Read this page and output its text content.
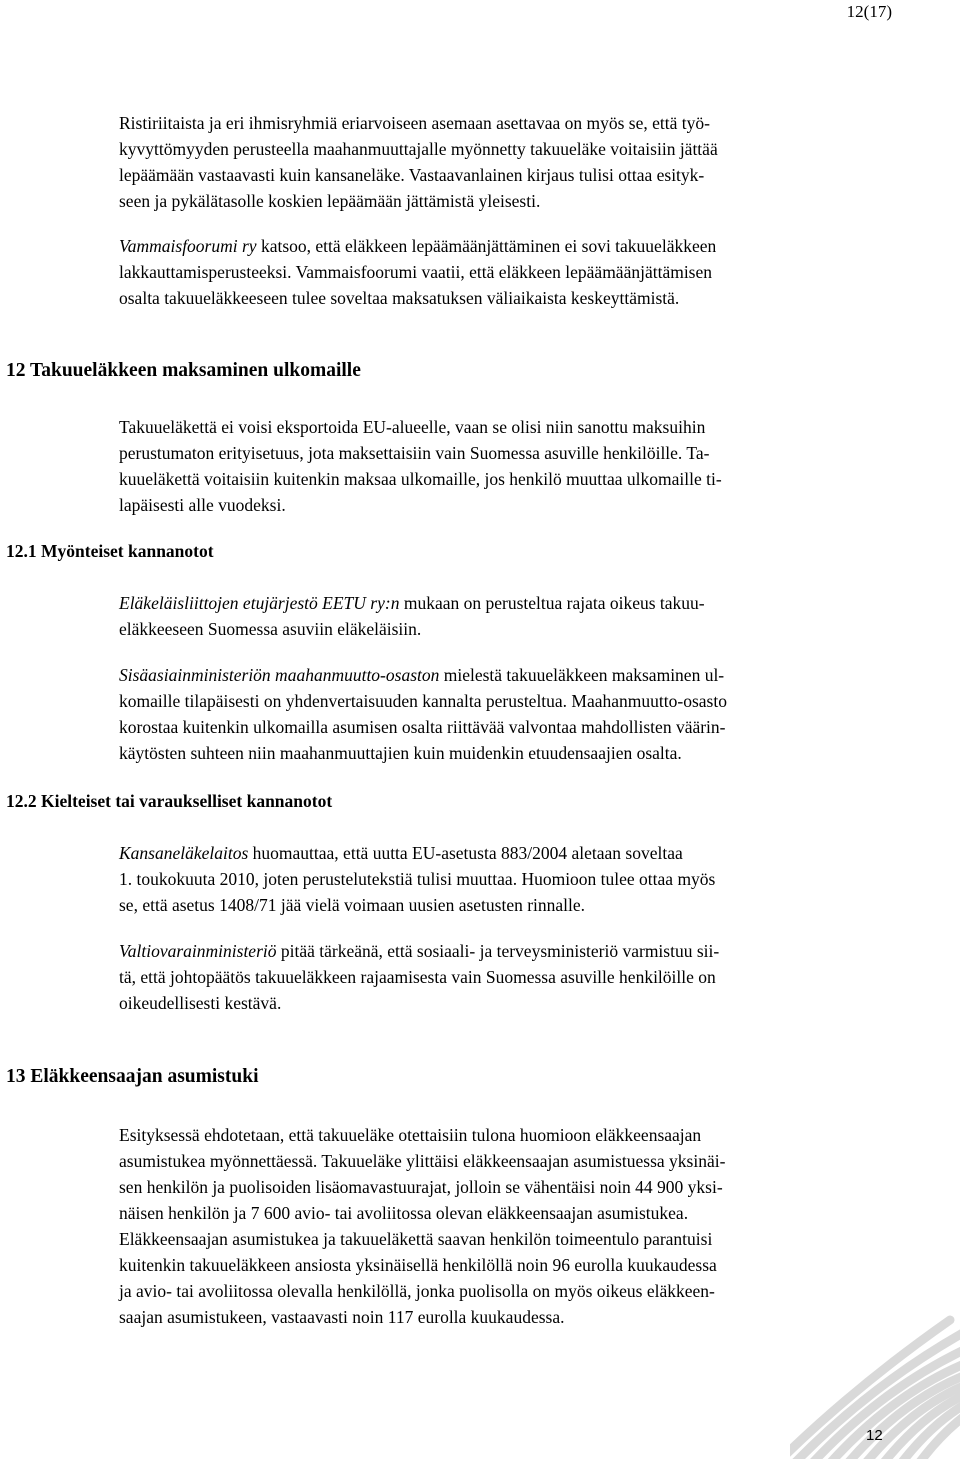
12(17)

Ristiriitaista ja eri ihmisryhmiä eriarvoiseen asemaan asettavaa on myös se, että työ-
kyvyttömyyden perusteella maahanmuuttajalle myönnetty takuueläke voitaisiin jättää
lepäämään vastaavasti kuin kansaneläke. Vastaavanlainen kirjaus tulisi ottaa esityk-
seen ja pykälätasolle koskien lepäämään jättämistä yleisesti.

Vammaisfoorumi ry katsoo, että eläkkeen lepäämäänjättäminen ei sovi takuueläkkeen
lakkauttamisperusteeksi. Vammaisfoorumi vaatii, että eläkkeen lepäämäänjättämisen
osalta takuueläkkeeseen tulee soveltaa maksatuksen väliaikaista keskeyttämistä.

12 Takuueläkkeen maksaminen ulkomaille

Takuueläkettä ei voisi eksportoida EU-alueelle, vaan se olisi niin sanottu maksuihin
perustumaton erityisetuus, jota maksettaisiin vain Suomessa asuville henkilöille. Ta-
kuueläkettä voitaisiin kuitenkin maksaa ulkomaille, jos henkilö muuttaa ulkomaille ti-
lapäisesti alle vuodeksi.

12.1 Myönteiset kannanotot

Eläkeläisliittojen etujärjestö EETU ry:n mukaan on perusteltua rajata oikeus takuu-
eläkkeeseen Suomessa asuviin eläkeläisiin.

Sisäasiainministeriön maahanmuutto-osaston mielestä takuueläkkeen maksaminen ul-
komaille tilapäisesti on yhdenvertaisuuden kannalta perusteltua. Maahanmuutto-osasto
korostaa kuitenkin ulkomailla asumisen osalta riittävää valvontaa mahdollisten väärin-
käytösten suhteen niin maahanmuuttajien kuin muidenkin etuudensaajien osalta.

12.2 Kielteiset tai varaukselliset kannanotot

Kansaneläkelaitos huomauttaa, että uutta EU-asetusta 883/2004 aletaan soveltaa
1. toukokuuta 2010, joten perustelutekstiä tulisi muuttaa. Huomioon tulee ottaa myös
se, että asetus 1408/71 jää vielä voimaan uusien asetusten rinnalle.

Valtiovarainministeriö pitää tärkeänä, että sosiaali- ja terveysministeriö varmistuu sii-
tä, että johtopäätös takuueläkkeen rajaamisesta vain Suomessa asuville henkilöille on
oikeudellisesti kestävä.

13 Eläkkeensaajan asumistuki

Esityksessä ehdotetaan, että takuueläke otettaisiin tulona huomioon eläkkeensaajan
asumistukea myönnettäessä. Takuueläke ylittäisi eläkkeensaajan asumistuessa yksinäi-
sen henkilön ja puolisoiden lisäomavastuurajat, jolloin se vähentäisi noin 44 900 yksi-
näisen henkilön ja 7 600 avio- tai avoliitossa olevan eläkkeensaajan asumistukea.
Eläkkeensaajan asumistukea ja takuueläkettä saavan henkilön toimeentulo parantuisi
kuitenkin takuueläkkeen ansiosta yksinäisellä henkilöllä noin 96 eurolla kuukaudessa
ja avio- tai avoliitossa olevalla henkilöllä, jonka puolisolla on myös oikeus eläkkeen-
saajan asumistukeen, vastaavasti noin 117 eurolla kuukaudessa.

12
